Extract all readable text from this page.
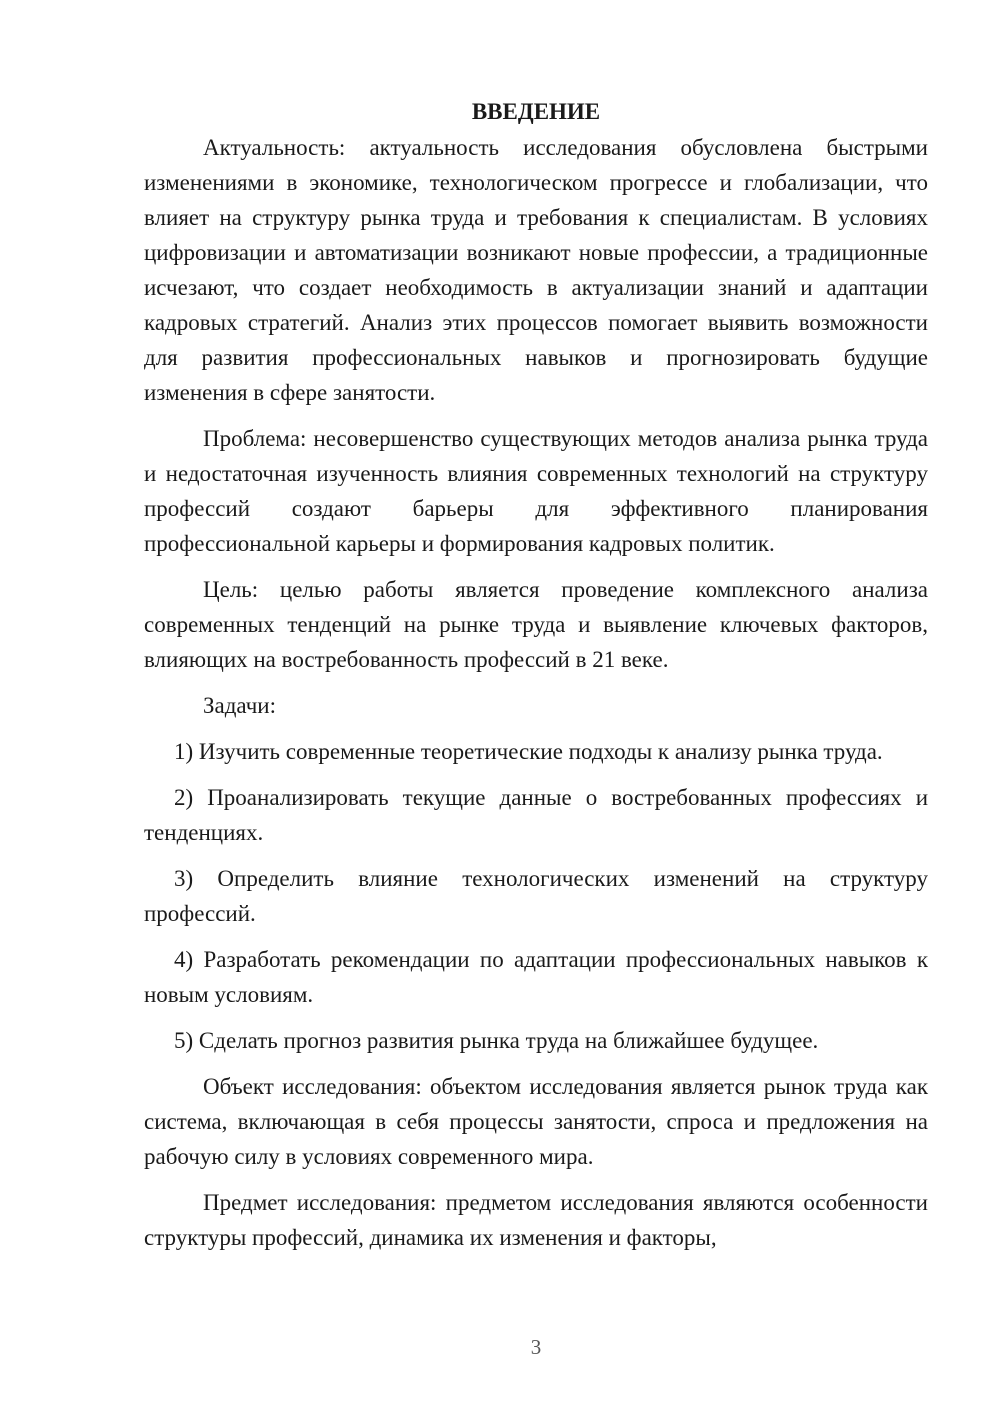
ВВЕДЕНИЕ

Актуальность: актуальность исследования обусловлена быстрыми изменениями в экономике, технологическом прогрессе и глобализации, что влияет на структуру рынка труда и требования к специалистам. В условиях цифровизации и автоматизации возникают новые профессии, а традиционные исчезают, что создает необходимость в актуализации знаний и адаптации кадровых стратегий. Анализ этих процессов помогает выявить возможности для развития профессиональных навыков и прогнозировать будущие изменения в сфере занятости.

Проблема: несовершенство существующих методов анализа рынка труда и недостаточная изученность влияния современных технологий на структуру профессий создают барьеры для эффективного планирования профессиональной карьеры и формирования кадровых политик.

Цель: целью работы является проведение комплексного анализа современных тенденций на рынке труда и выявление ключевых факторов, влияющих на востребованность профессий в 21 веке.

Задачи:

1) Изучить современные теоретические подходы к анализу рынка труда.

2) Проанализировать текущие данные о востребованных профессиях и тенденциях.

3) Определить влияние технологических изменений на структуру профессий.

4) Разработать рекомендации по адаптации профессиональных навыков к новым условиям.

5) Сделать прогноз развития рынка труда на ближайшее будущее.

Объект исследования: объектом исследования является рынок труда как система, включающая в себя процессы занятости, спроса и предложения на рабочую силу в условиях современного мира.

Предмет исследования: предметом исследования являются особенности структуры профессий, динамика их изменения и факторы,

3
